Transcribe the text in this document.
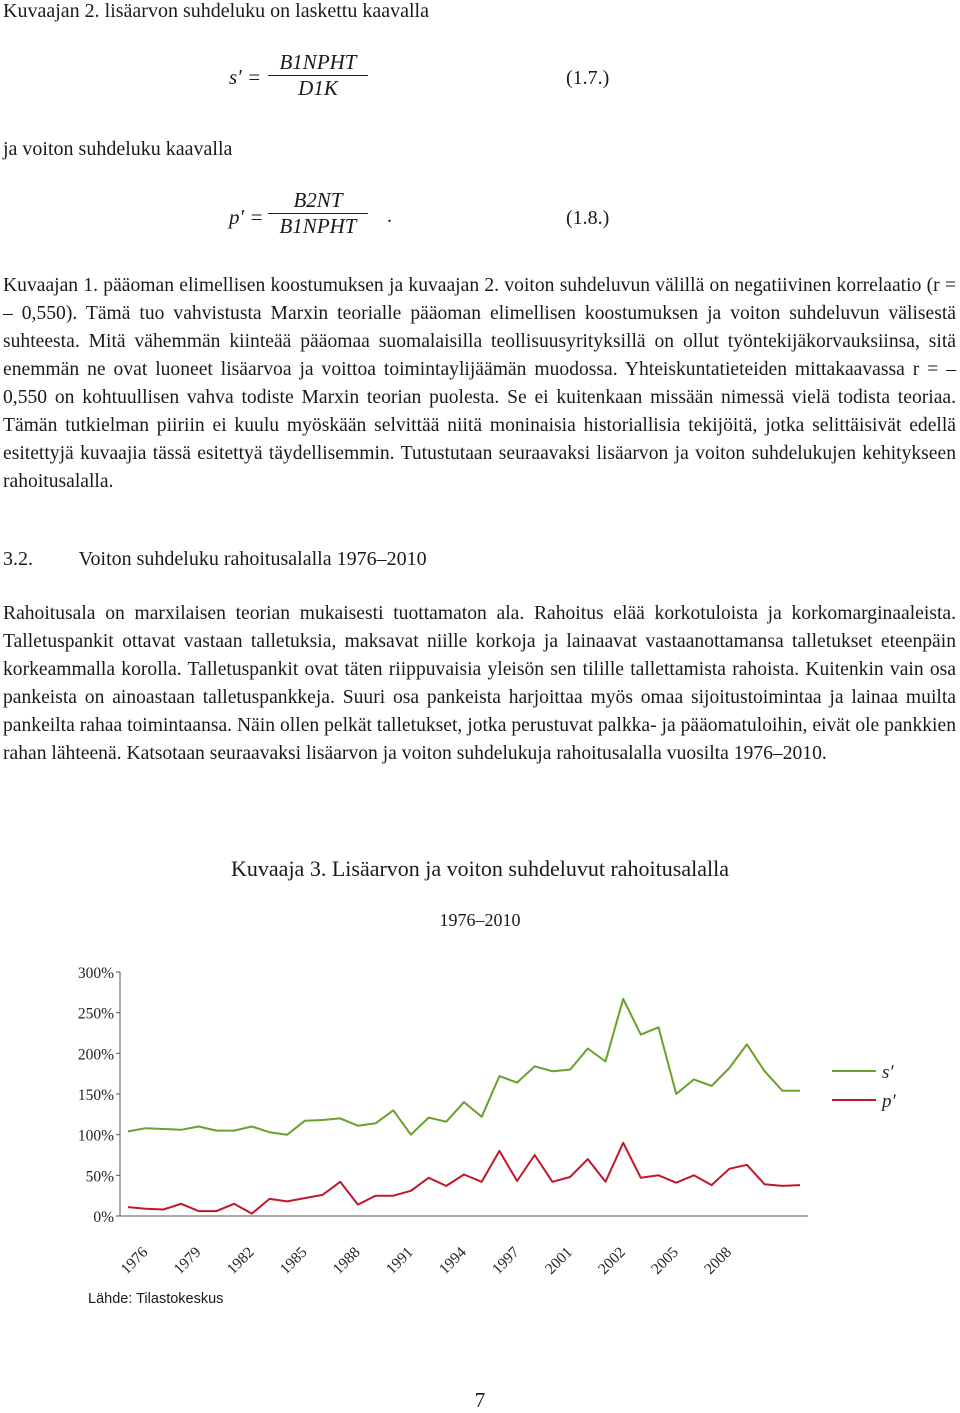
Kuvaajan 2. lisäarvon suhdeluku on laskettu kaavalla
s′ =
B1NPHT
D1K	(1.7.)
ja voiton suhdeluku kaavalla
p′ =
B2NT
B1NPHT	.	(1.8.)
Kuvaajan 1. pääoman elimellisen koostumuksen ja kuvaajan 2. voiton suhdeluvun välillä on negatiivinen korrelaatio (r = – 0,550). Tämä tuo vahvistusta Marxin teorialle pääoman elimellisen koostumuksen ja voiton suhdeluvun välisestä suhteesta. Mitä vähemmän kiinteää pääomaa suomalaisilla teollisuusyrityksillä on ollut työntekijäkorvauksiinsa, sitä enemmän ne ovat luoneet lisäarvoa ja voittoa toimintaylijäämän muodossa. Yhteiskuntatieteiden mittakaavassa r = – 0,550 on kohtuullisen vahva todiste Marxin teorian puolesta. Se ei kuitenkaan missään nimessä vielä todista teoriaa. Tämän tutkielman piiriin ei kuulu myöskään selvittää niitä moninaisia historiallisia tekijöitä, jotka selittäisivät edellä esitettyjä kuvaajia tässä esitettyä täydellisemmin. Tutustutaan seuraavaksi lisäarvon ja voiton suhdelukujen kehitykseen rahoitusalalla.
3.2. Voiton suhdeluku rahoitusalalla 1976–2010
Rahoitusala on marxilaisen teorian mukaisesti tuottamaton ala. Rahoitus elää korkotuloista ja korkomarginaaleista. Talletuspankit ottavat vastaan talletuksia, maksavat niille korkoja ja lainaavat vastaanottamansa talletukset eteenpäin korkeammalla korolla. Talletuspankit ovat täten riippuvaisia yleisön sen tilille tallettamista rahoista. Kuitenkin vain osa pankeista on ainoastaan talletuspankkeja. Suuri osa pankeista harjoittaa myös omaa sijoitustoimintaa ja lainaa muilta pankeilta rahaa toimintaansa. Näin ollen pelkät talletukset, jotka perustuvat palkka- ja pääomatuloihin, eivät ole pankkien rahan lähteenä. Katsotaan seuraavaksi lisäarvon ja voiton suhdelukuja rahoitusalalla vuosilta 1976–2010.
Kuvaaja 3. Lisäarvon ja voiton suhdeluvut rahoitusalalla
1976–2010
0%
50%
100%
150%
200%
250%
300%
1976 1979 1982 1985 1988 1991 1994 1997 2001 2002 2005 2008
s′
p′
Lähde: Tilastokeskus
7
